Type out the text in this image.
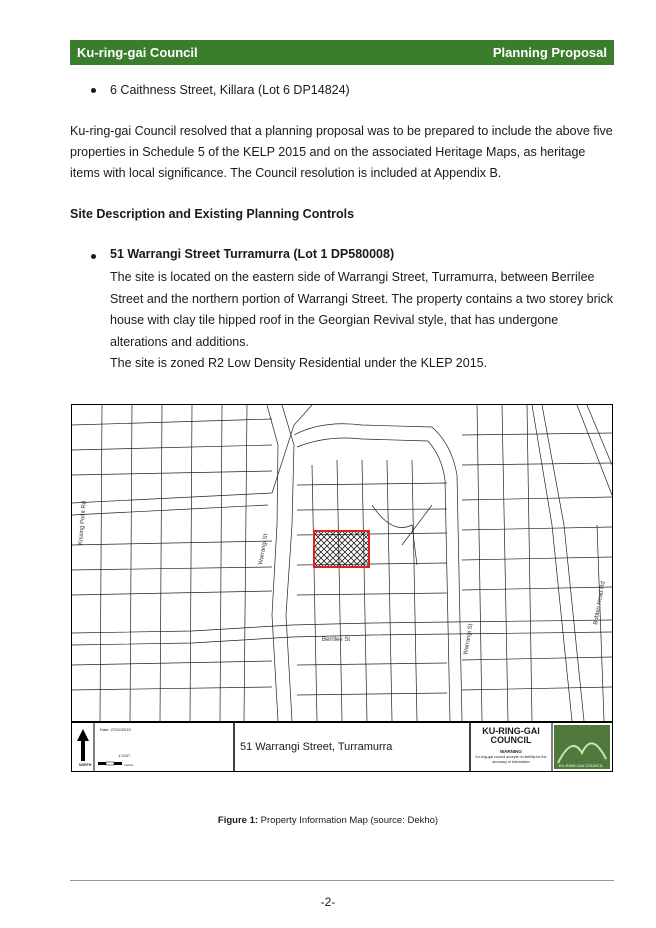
Ku-ring-gai Council	Planning Proposal
6 Caithness Street, Killara (Lot 6 DP14824)
Ku-ring-gai Council resolved that a planning proposal was to be prepared to include the above five
properties in Schedule 5 of the KELP 2015 and on the associated Heritage Maps, as heritage
items with local significance. The Council resolution is included at Appendix B.
Site Description and Existing Planning Controls
51 Warrangi Street Turramurra (Lot 1 DP580008)
The site is located on the eastern side of Warrangi Street, Turramurra, between Berrilee
Street and the northern portion of Warrangi Street. The property contains a two storey brick
house with clay tile hipped roof in the Georgian Revival style, that has undergone
alterations and additions.
The site is zoned R2 Low Density Residential under the KLEP 2015.
Warrangi St
Berrilee St
Kissing Point Rd
Warrangi St
Bobbin Head Rd
KU-RING-GAI COUNCIL
NORTH
Date: 27/02/2015
1:2447
metres
51 Warrangi Street, Turramurra
KU-RING-GAI
COUNCIL
WARNING
Ku-ring-gai council accepts no liability for the accuracy of information
Figure 1: Property Information Map (source: Dekho)
-2-
